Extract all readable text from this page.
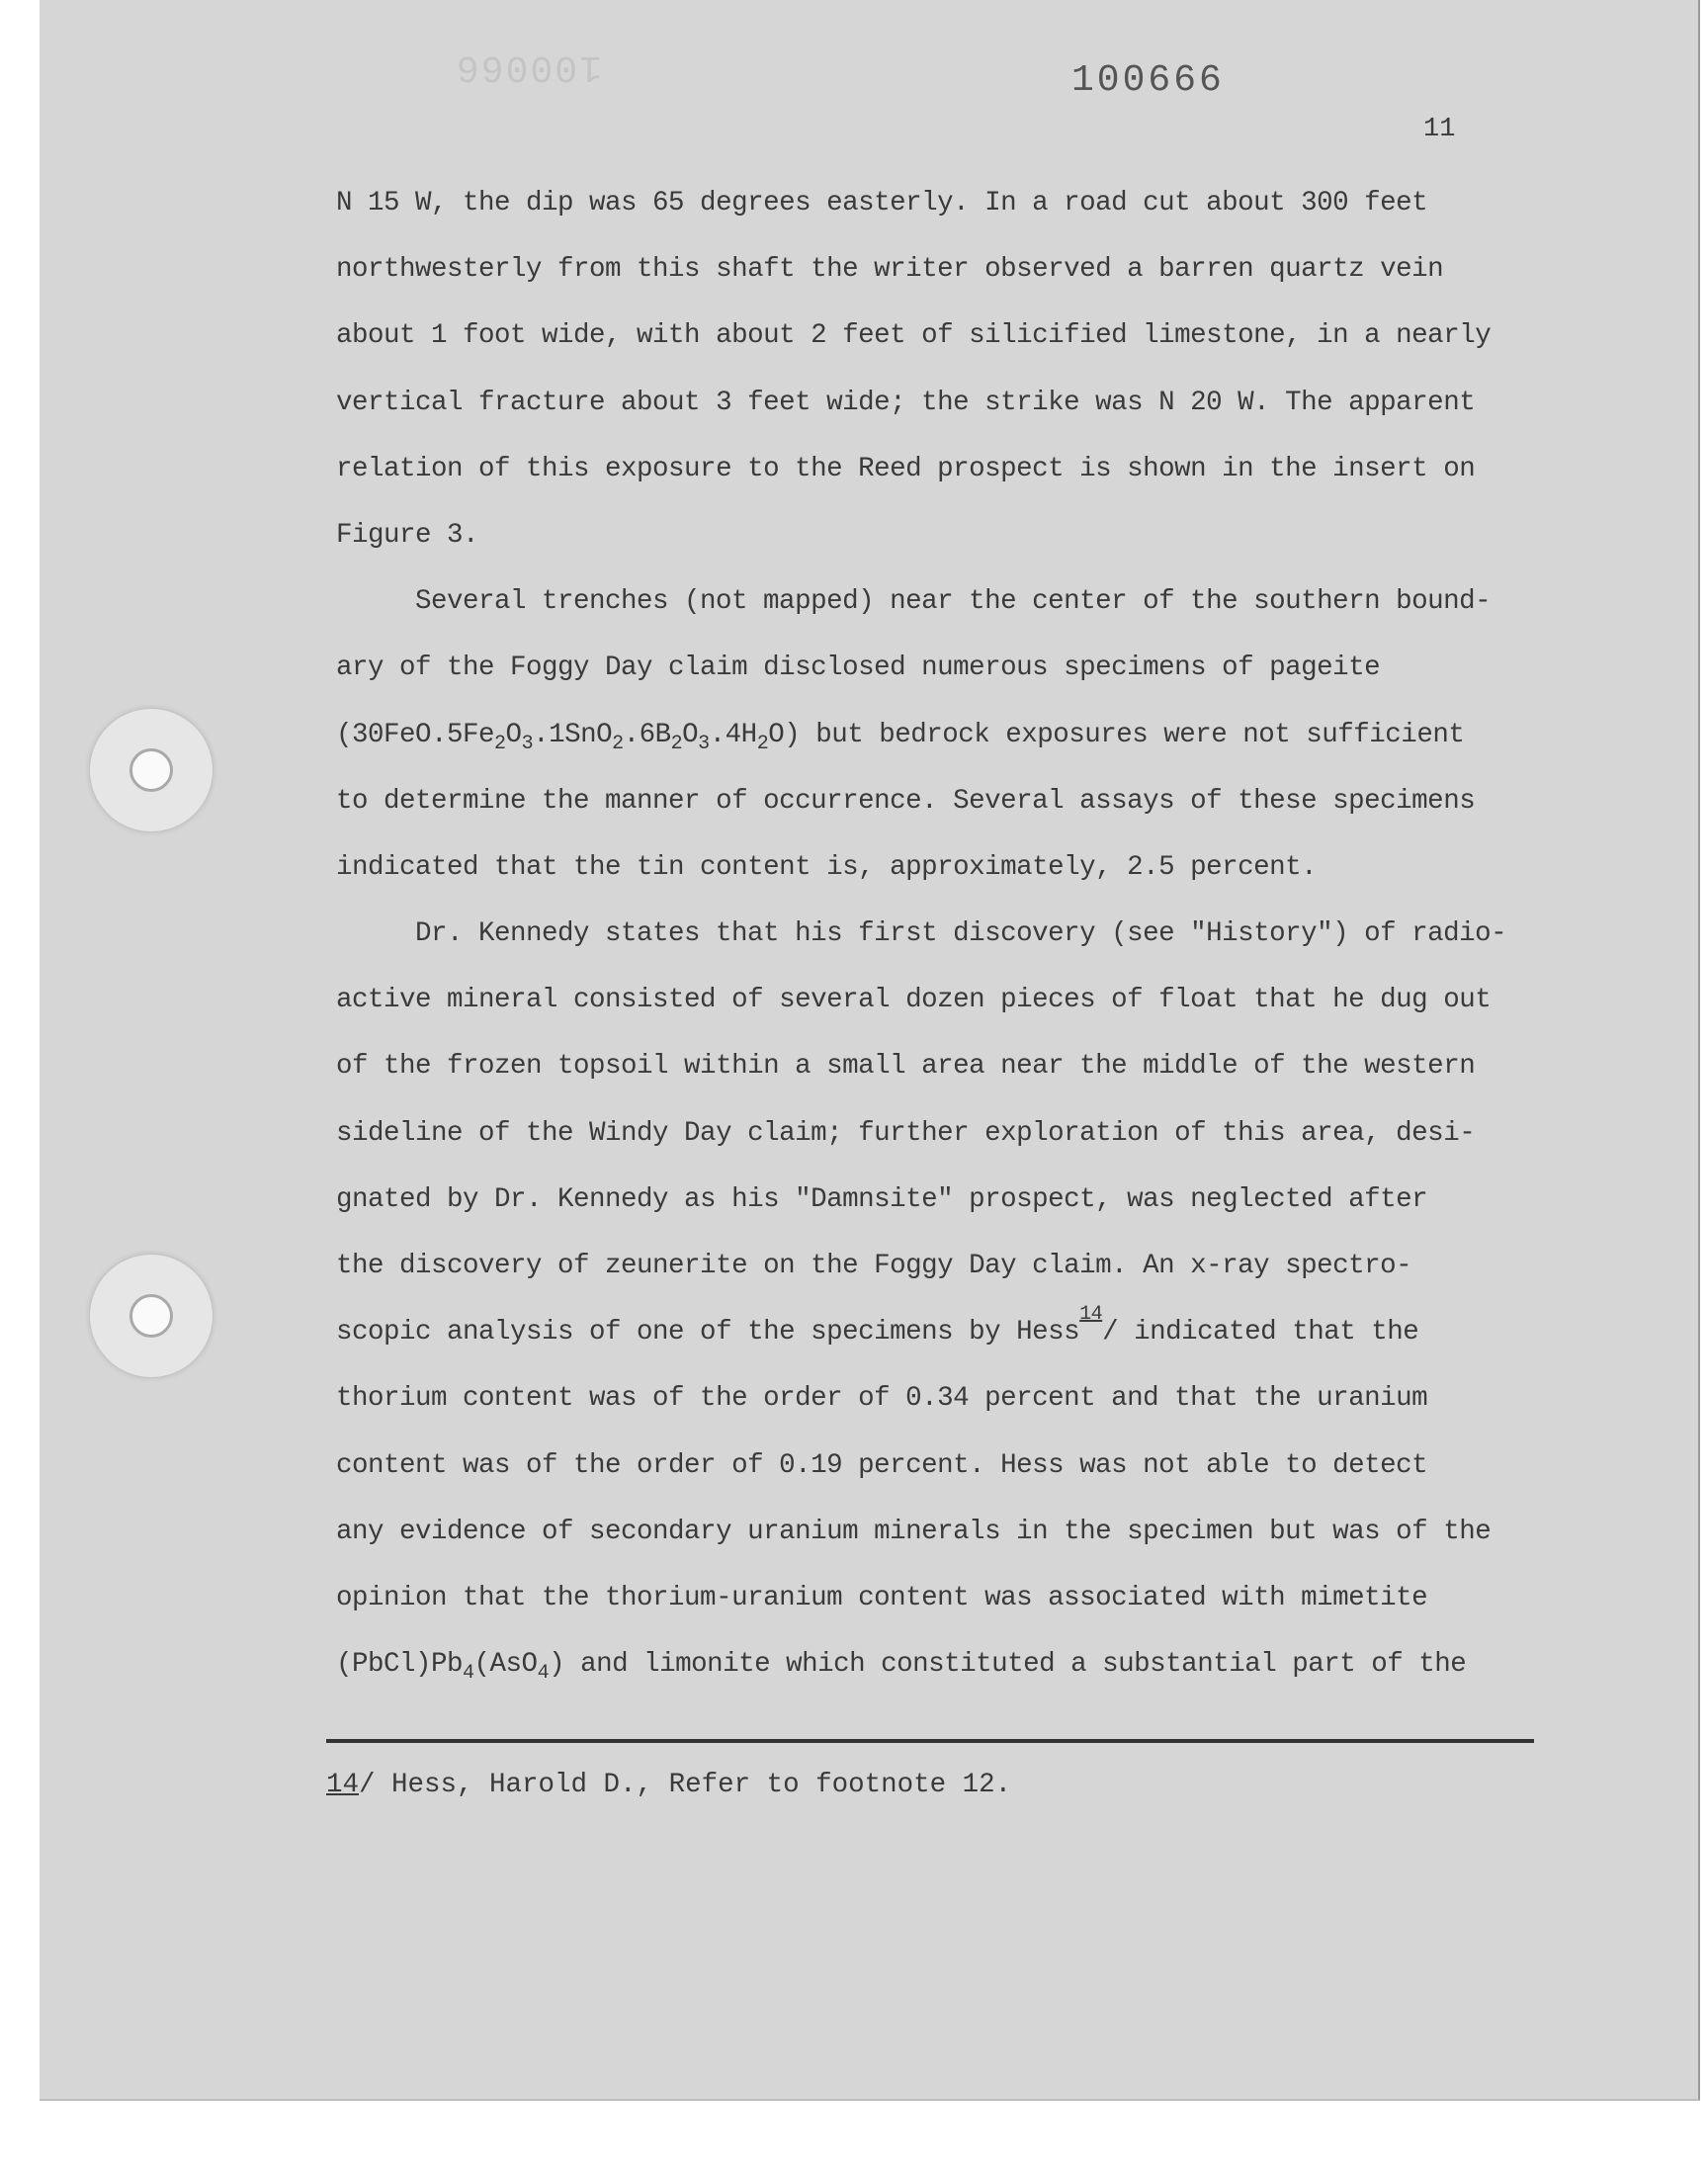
100066	100666
11
N 15 W, the dip was 65 degrees easterly. In a road cut about 300 feet
northwesterly from this shaft the writer observed a barren quartz vein
about 1 foot wide, with about 2 feet of silicified limestone, in a nearly
vertical fracture about 3 feet wide; the strike was N 20 W. The apparent
relation of this exposure to the Reed prospect is shown in the insert on
Figure 3.
Several trenches (not mapped) near the center of the southern bound-
ary of the Foggy Day claim disclosed numerous specimens of pageite
$(30FeO.5Fe_2O_3.1SnO_2.6B_2O_3.4H_2O)$ but bedrock exposures were not sufficient
to determine the manner of occurrence. Several assays of these specimens
indicated that the tin content is, approximately, 2.5 percent.
Dr. Kennedy states that his first discovery (see "History") of radio-
active mineral consisted of several dozen pieces of float that he dug out
of the frozen topsoil within a small area near the middle of the western
sideline of the Windy Day claim; further exploration of this area, desi-
gnated by Dr. Kennedy as his "Damnsite" prospect, was neglected after
the discovery of zeunerite on the Foggy Day claim. An x-ray spectro-
scopic analysis of one of the specimens by Hess$^{14}$/ indicated that the
thorium content was of the order of 0.34 percent and that the uranium
content was of the order of 0.19 percent. Hess was not able to detect
any evidence of secondary uranium minerals in the specimen but was of the
opinion that the thorium-uranium content was associated with mimetite
$(PbCl)Pb_4(AsO_4)$ and limonite which constituted a substantial part of the
14/ Hess, Harold D., Refer to footnote 12.
